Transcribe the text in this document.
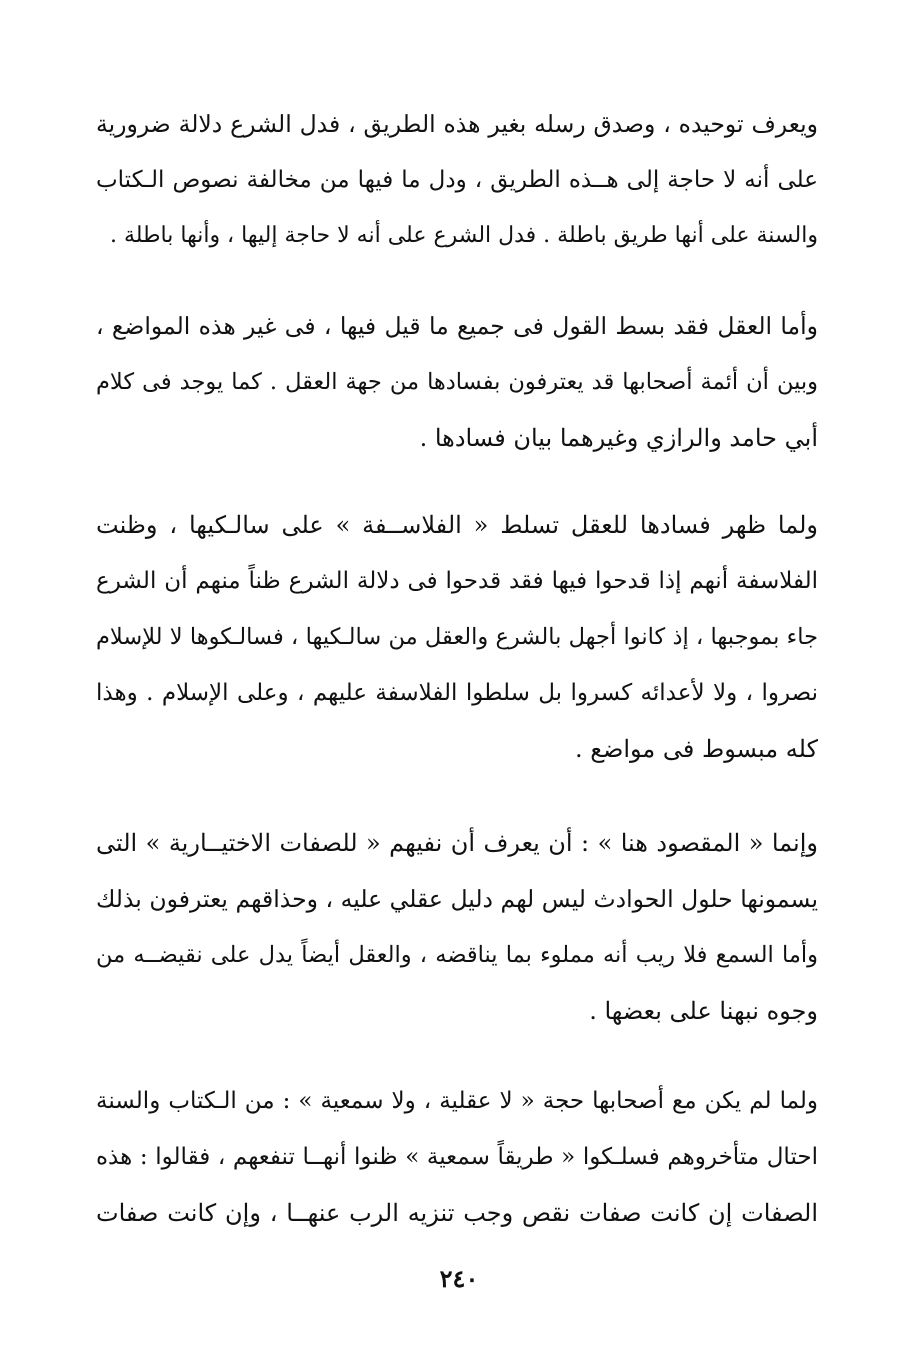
ويعرف توحيده ، وصدق رسله بغير هذه الطريق ، فدل الشرع دلالة ضرورية
على أنه لا حاجة إلى هــذه الطريق ، ودل ما فيها من مخالفة نصوص الـكتاب
والسنة على أنها طريق باطلة . فدل الشرع على أنه لا حاجة إليها ، وأنها باطلة .
وأما العقل فقد بسط القول فى جميع ما قيل فيها ، فى غير هذه المواضع ،
وبين أن أئمة أصحابها قد يعترفون بفسادها من جهة العقل . كما يوجد فى كلام
أبي حامد والرازي وغيرهما بيان فسادها .
ولما ظهر فسادها للعقل تسلط « الفلاســفة » على سالـكيها ، وظنت
الفلاسفة أنهم إذا قدحوا فيها فقد قدحوا فى دلالة الشرع ظناً منهم أن الشرع
جاء بموجبها ، إذ كانوا أجهل بالشرع والعقل من سالـكيها ، فسالـكوها لا للإسلام
نصروا ، ولا لأعدائه كسروا بل سلطوا الفلاسفة عليهم ، وعلى الإسلام . وهذا
كله مبسوط فى مواضع .
وإنما « المقصود هنا » : أن يعرف أن نفيهم « للصفات الاختيــارية » التى
يسمونها حلول الحوادث ليس لهم دليل عقلي عليه ، وحذاقهم يعترفون بذلك
وأما السمع فلا ريب أنه مملوء بما يناقضه ، والعقل أيضاً يدل على نقيضــه من
وجوه نبهنا على بعضها .
ولما لم يكن مع أصحابها حجة « لا عقلية ، ولا سمعية » : من الـكتاب والسنة
احتال متأخروهم فسلـكوا « طريقاً سمعية » ظنوا أنهــا تنفعهم ، فقالوا : هذه
الصفات إن كانت صفات نقص وجب تنزيه الرب عنهــا ، وإن كانت صفات
٢٤٠
